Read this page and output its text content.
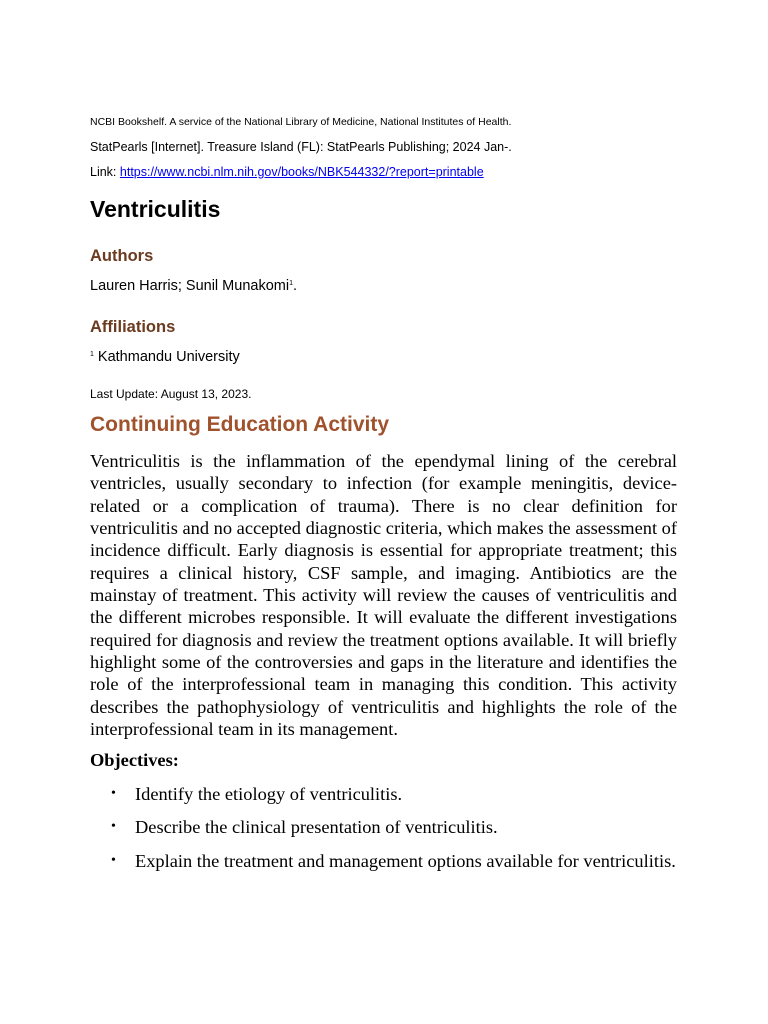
NCBI Bookshelf. A service of the National Library of Medicine, National Institutes of Health.
StatPearls [Internet]. Treasure Island (FL): StatPearls Publishing; 2024 Jan-.
Link: https://www.ncbi.nlm.nih.gov/books/NBK544332/?report=printable
Ventriculitis
Authors
Lauren Harris; Sunil Munakomi$^1$.
Affiliations
$^1$ Kathmandu University
Last Update: August 13, 2023.
Continuing Education Activity

Ventriculitis is the inflammation of the ependymal lining of the cerebral ventricles, usually secondary to infection (for example meningitis, device-related or a complication of trauma). There is no clear definition for ventriculitis and no accepted diagnostic criteria, which makes the assessment of incidence difficult. Early diagnosis is essential for appropriate treatment; this requires a clinical history, CSF sample, and imaging. Antibiotics are the mainstay of treatment. This activity will review the causes of ventriculitis and the different microbes responsible. It will evaluate the different investigations required for diagnosis and review the treatment options available. It will briefly highlight some of the controversies and gaps in the literature and identifies the role of the interprofessional team in managing this condition. This activity describes the pathophysiology of ventriculitis and highlights the role of the interprofessional team in its management.

Objectives:
• Identify the etiology of ventriculitis.
• Describe the clinical presentation of ventriculitis.
• Explain the treatment and management options available for ventriculitis.
